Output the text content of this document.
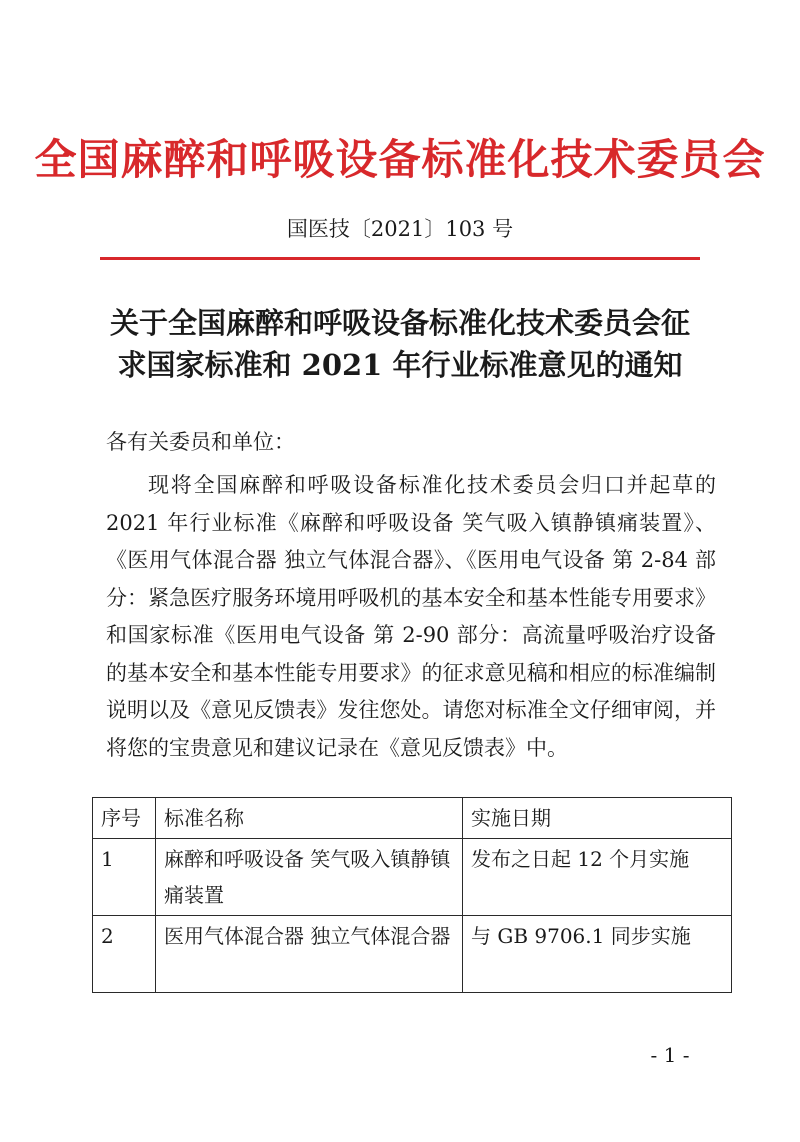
全国麻醉和呼吸设备标准化技术委员会
国医技〔2021〕103 号
关于全国麻醉和呼吸设备标准化技术委员会征
求国家标准和 2021 年行业标准意见的通知
各有关委员和单位：

现将全国麻醉和呼吸设备标准化技术委员会归口并起草的 2021 年行业标准《麻醉和呼吸设备 笑气吸入镇静镇痛装置》、《医用气体混合器 独立气体混合器》、《医用电气设备 第 2-84 部分：紧急医疗服务环境用呼吸机的基本安全和基本性能专用要求》和国家标准《医用电气设备 第 2-90 部分：高流量呼吸治疗设备的基本安全和基本性能专用要求》的征求意见稿和相应的标准编制说明以及《意见反馈表》发往您处。请您对标准全文仔细审阅，并将您的宝贵意见和建议记录在《意见反馈表》中。

序号	标准名称	实施日期
1	麻醉和呼吸设备 笑气吸入镇静镇痛装置	发布之日起 12 个月实施
2	医用气体混合器 独立气体混合器	与 GB 9706.1 同步实施
- 1 -
